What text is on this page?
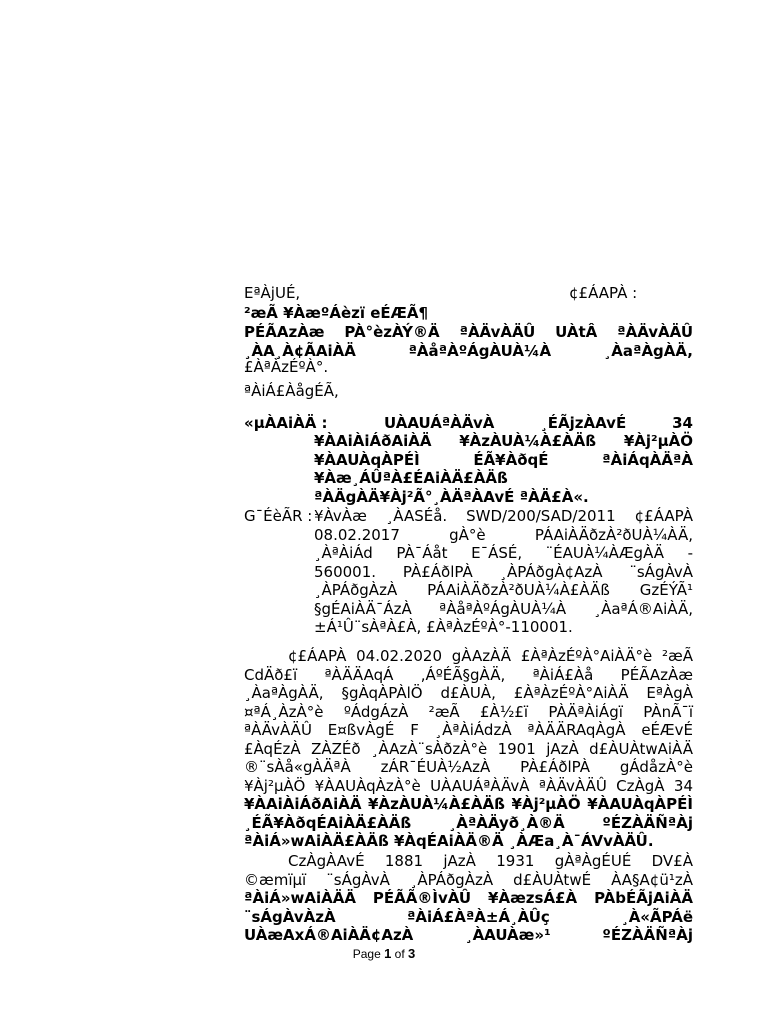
EªÀjUÉ,	¢£ÁAPÀ :
²æÃ ¥ÀæºÁèzï eÉÆÃ¶
PÉÃAzÀæ PÀ°èzÀÝ®Ä ªÀÄvÀÄÛ UÀtÂ ªÀÄvÀÄÛ
¸ÀA¸À¢ÃAiÀÄ ªÀåªÀºÁgÀUÀ¼À ¸ÀaªÀgÀÄ,
£ÀªÀzÉºÀ°.
ªÀiÁ£ÀågÉÃ,
«µÀAiÀÄ :	UÀAUÁªÀÄvÀ ¸ÉÃjzÀAvÉ 34
¥ÀAiÀiÁðAiÀÄ ¥ÀzÀUÀ¼À£ÀÄß ¥Àj²µÀÖ
¥ÀAUÀqÀPÉÌ ÉÃ¥ÀðqÉ ªÀiÁqÀÄªÀ
¥Àæ¸ÁÛªÀ£ÉAiÀÄ£ÀÄß
ªÀÄgÀÄ¥Àj²Ã°¸ÀÄªÀAvÉ ªÀÄ£À«.
G¯ÉèÃR : ¥ÀvÀæ ¸ÀASÉå. SWD/200/SAD/2011 ¢£ÁAPÀ
08.02.2017 gÀ°è PÁAiÀÄðzÀ²ðUÀ¼ÀÄ,
¸ÀªÀiÁd PÀ¯Áåt E¯ÁSÉ, ¨ÉAUÀ¼ÀÆgÀÄ -
560001. PÀ£ÁðlPÀ ¸ÀPÁðgÀ¢AzÀ ¨sÁgÀvÀ
¸ÀPÁðgÀzÀ PÁAiÀÄðzÀ²ðUÀ¼À£ÀÄß GzÉÝÃ¹
§gÉAiÀÄ¯ÁzÀ ªÀåªÀºÁgÀUÀ¼À ¸ÀaªÁ®AiÀÄ,
±Á¹Û¨sÀªÀ£À, £ÀªÀzÉºÀ°-110001.
¢£ÁAPÀ 04.02.2020 gÀAzÀÄ £ÀªÀzÉºÀ°AiÀÄ°è ²æÃ
CdÄð£ï ªÀÄÄAqÁ ,ÁºÉÃ§gÀÄ, ªÀiÁ£Àå PÉÃAzÀæ
¸ÀaªÀgÀÄ, §gÀqÀPÀlÖ d£ÀUÀ, £ÀªÀzÉºÀ°AiÀÄ EªÀgÀ
¤ªÁ¸ÀzÀ°è ºÁdgÁzÀ ²æÃ £À½£ï PÀÄªÀiÁgï PÀnÃ¯ï
ªÀÄvÀÄÛ E¤ßvÀgÉ F ¸ÀªÀiÁdzÀ ªÀÄÄRAqÀgÀ eÉÆvÉ
£ÀqÉzÀ ZÀZÉð ¸ÀAzÀ¨sÀðzÀ°è 1901 jAzÀ d£ÀUÀtwAiÀÄ
®¨sÀå«gÀÄªÀ zÁR¯ÉUÀ½AzÀ PÀ£ÁðlPÀ gÁdåzÀ°è
¥Àj²µÀÖ ¥ÀAUÀqÀzÀ°è UÀAUÁªÀÄvÀ ªÀÄvÀÄÛ CzÀgÀ 34
¥ÀAiÀiÁðAiÀÄ ¥ÀzÀUÀ¼À£ÀÄß ¥Àj²µÀÖ ¥ÀAUÀqÀPÉÌ
¸ÉÃ¥ÀðqÉAiÀÄ£ÀÄß ¸ÀªÀÄyð¸À®Ä ºÉZÀÄÑªÀj
ªÀiÁ»wAiÀÄ£ÀÄß ¥ÀqÉAiÀÄ®Ä ¸ÀÆa¸À¯ÁVvÀÄÛ.
CzÀgÀAvÉ 1881 jAzÀ 1931 gÀªÀgÉUÉ DV£À
©æmïµï ¨sÁgÀvÀ ¸ÀPÁðgÀzÀ d£ÀUÀtwÉ ÀA§A¢ü¹zÀ
ªÀiÁ»wAiÀÄÄ PÉÃÃ®ÌvÀÛ ¥ÀæzsÁ£À PÀbÉÃjAiÀÄ
¨sÁgÀvÀzÀ ªÀiÁ£ÀªÀ±Á¸ÀÛç ¸À«ÃPÁë
UÀæAxÁ®AiÀÄ¢AzÀ ¸ÀAUÀæ»¹ ºÉZÀÄÑªÀj
Page 1 of 3
